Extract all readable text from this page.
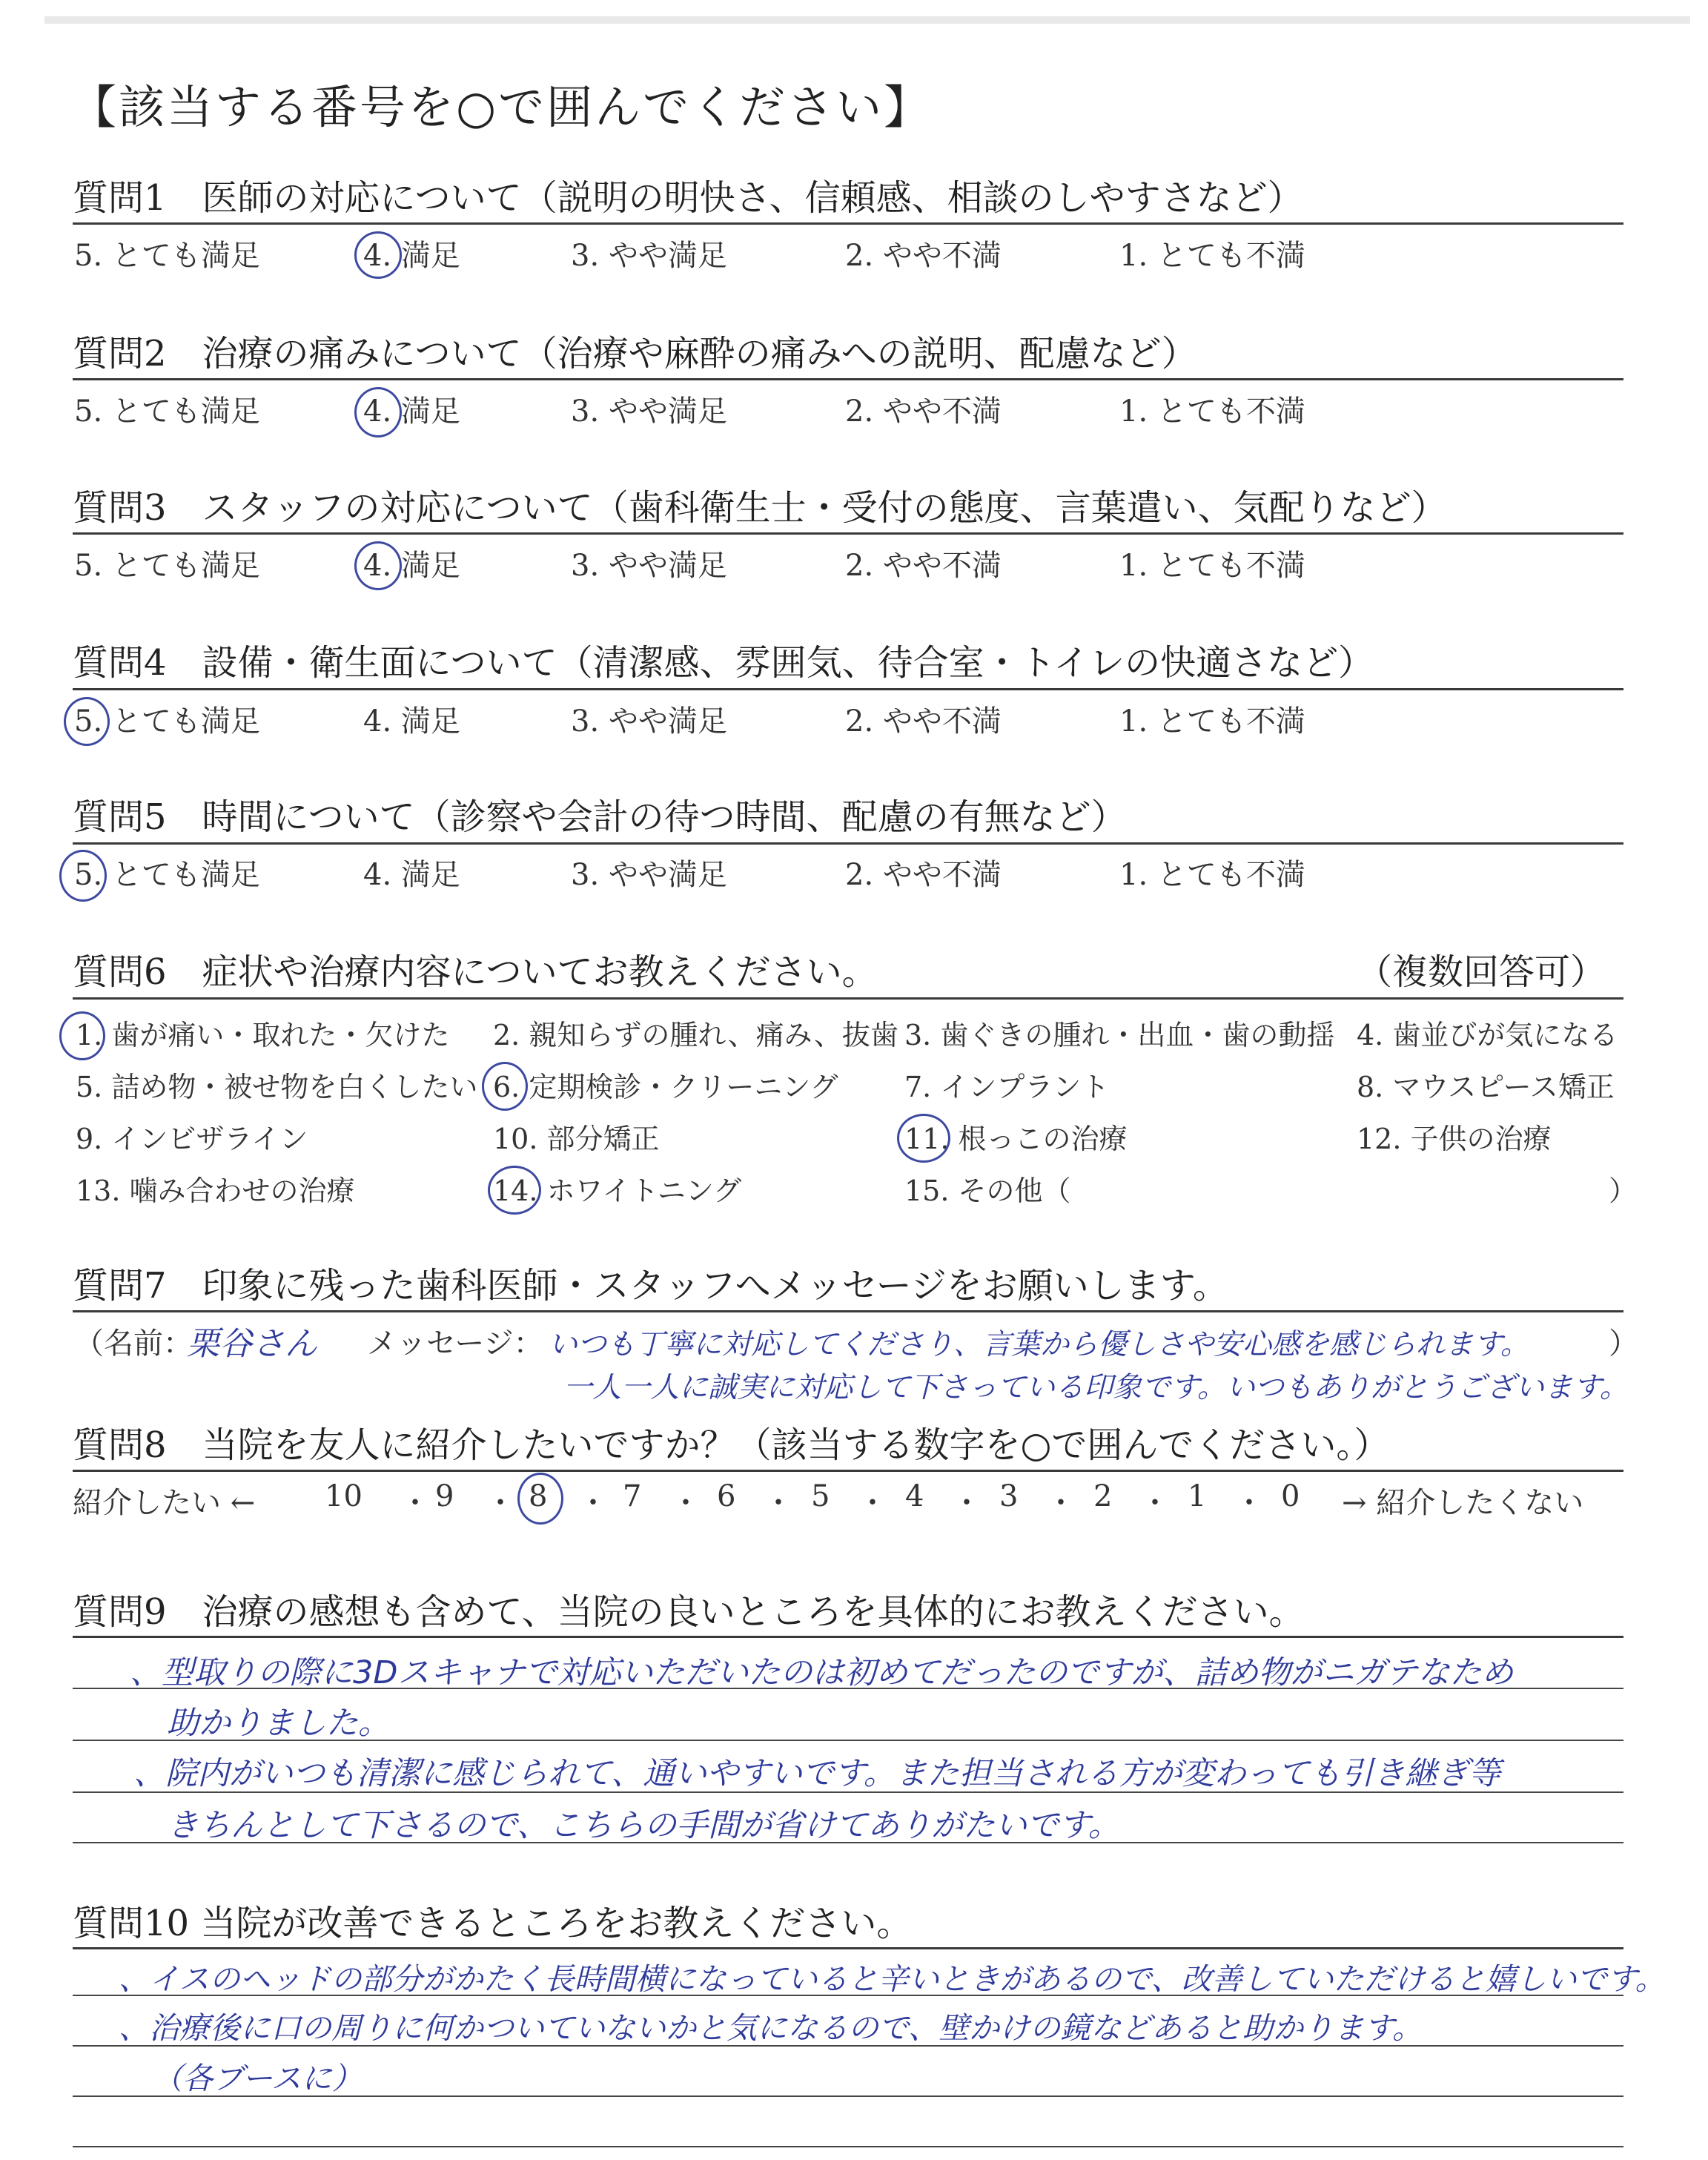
【該当する番号を○で囲んでください】
質問1　医師の対応について（説明の明快さ、信頼感、相談のしやすさなど）
5. とても満足	4. 満足	3. やや満足	2. やや不満	1. とても不満
質問2　治療の痛みについて（治療や麻酔の痛みへの説明、配慮など）
5. とても満足	4. 満足	3. やや満足	2. やや不満	1. とても不満
質問3　スタッフの対応について（歯科衛生士・受付の態度、言葉遣い、気配りなど）
5. とても満足	4. 満足	3. やや満足	2. やや不満	1. とても不満
質問4　設備・衛生面について（清潔感、雰囲気、待合室・トイレの快適さなど）
5. とても満足	4. 満足	3. やや満足	2. やや不満	1. とても不満
質問5　時間について（診察や会計の待つ時間、配慮の有無など）
5. とても満足	4. 満足	3. やや満足	2. やや不満	1. とても不満
質問6　症状や治療内容についてお教えください。	（複数回答可）
1. 歯が痛い・取れた・欠けた 2. 親知らずの腫れ、痛み、抜歯 3. 歯ぐきの腫れ・出血・歯の動揺 4. 歯並びが気になる
5. 詰め物・被せ物を白くしたい 6. 定期検診・クリーニング 7. インプラント	8. マウスピース矯正
9. インビザライン	10. 部分矯正	11. 根っこの治療	12. 子供の治療
13. 噛み合わせの治療	14. ホワイトニング	15. その他（	）
質問7　印象に残った歯科医師・スタッフへメッセージをお願いします。
（名前：
栗谷さん メッセージ： いつも丁寧に対応してくださり、言葉から優しさや安心感を感じられます。	）
一人一人に誠実に対応して下さっている印象です。いつもありがとうございます。
質問8　当院を友人に紹介したいですか？（該当する数字を○で囲んでください。）
紹介したい ← 10 ・ 9 ・ 8 ・ 7 ・ 6 ・ 5 ・ 4 ・ 3 ・ 2 ・ 1 ・ 0 → 紹介したくない
質問9　治療の感想も含めて、当院の良いところを具体的にお教えください。
、型取りの際に3Dスキャナで対応いただいたのは初めてだったのですが、詰め物がニガテなため
助かりました。
、院内がいつも清潔に感じられて、通いやすいです。また担当される方が変わっても引き継ぎ等
きちんとして下さるので、こちらの手間が省けてありがたいです。
質問10 当院が改善できるところをお教えください。
、イスのヘッドの部分がかたく長時間横になっていると辛いときがあるので、改善していただけると嬉しいです。
、治療後に口の周りに何かついていないかと気になるので、壁かけの鏡などあると助かります。
（各ブースに）
